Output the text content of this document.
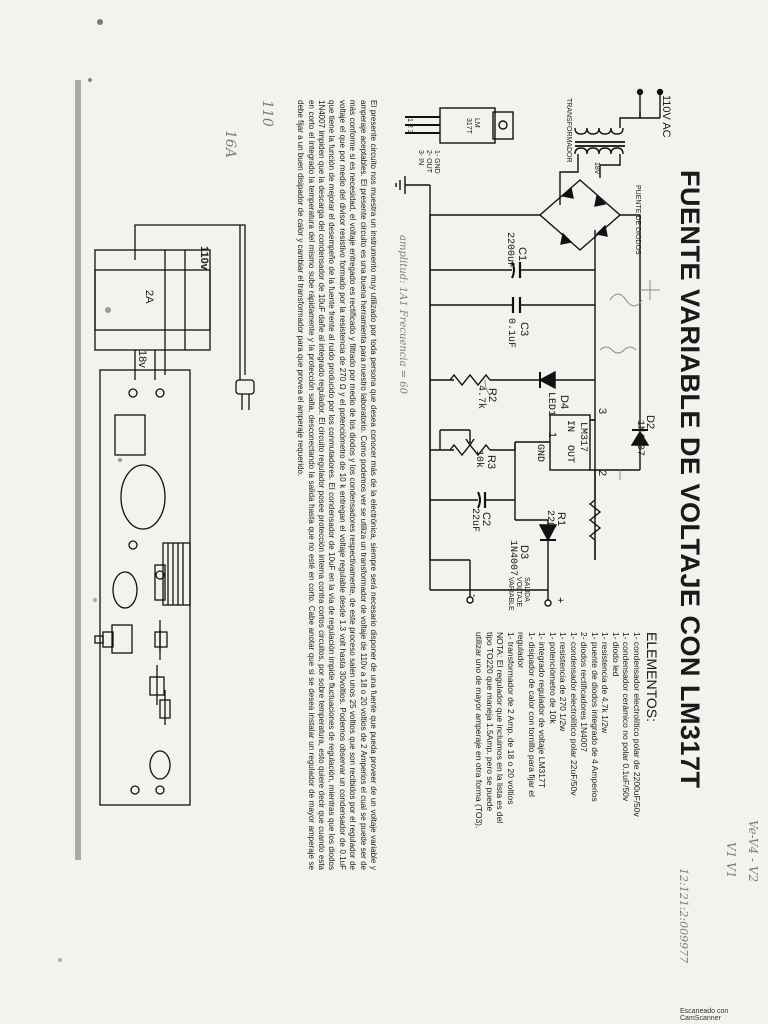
FUENTE VARIABLE DE VOLTAJE CON LM317T
110V AC
TRANSFORMADOR
18V
PUENTE DE DIODOS
C1
2200uF
C3
0.1uF
D4
LED1
R2
4.7k
D2
1N4007
LM317
IN
OUT
GND
3
1
2
R3
10k
R1
220
C2
22uF
D3
1N4007
SALIDA VOLTAJE VARIABLE	+
-
LM 317T
1 2 3
1- GND 2- OUT 3- IN
ELEMENTOS:
1- condensador electrolítico polar de 2200uF/50v
1- condensador cerámico no polar 0.1uF/50v
1- diodo led
1- resistencia de 4.7k 1/2w
1- puente de diodos integrado de 4 Amperios
2- diodos rectificadores 1N4007
1- condensador electrolítico polar 22uF/50v
1- resistencia de 270 1/2w
1- potenciómetro de 10k
1- integrado regulador de voltaje LM317T
1- disipador de calor con tornillo para fijar el regulador
1- transformador de 2 Amp. de 18 o 20 voltios
NOTA: El regulador que incluimos en la lista es del tipo TO220 que maneja 1.5Amp. pero se puede utilizar uno de mayor amperaje en otra forma (TO3).
El presente circuito nos muestra un instrumento muy utilizado por toda persona que desea conocer más de la electrónica, siempre será necesario disponer de una fuente que pueda proveer de un voltaje variable y amperaje aceptables. El presente circuito es una buena herramienta para nuestro laboratorio. Como podemos ver se utiliza un transformador de voltaje de 110v a 18 o 20 voltios de 2 Amperios el cual se puede ser de más conforme si es necesidad, el voltaje entregado es rectificado y filtrado por medio de los diodos y los condensadores respectivamente, de este proceso salen unos 25 voltios que son recibidos por el regulador de voltaje el que por medio del divisor resistivo formado por la resistencia de 270 Ω y el potenciómetro de 10 k entregan el voltaje regulable desde 1.3 volt hasta 30voltios. Podemos observar un condensador de 0.1uF que tiene la función de mejorar el desempeño de la fuente frente al ruido producido por los conmutadores. El condensador de 10uF en la vía de regulación impide fluctuaciones de regulación, mientras que los diodos 1N4007 impiden que la descarga del condensador de 10uF dañe al integrado regulador. El circuito regulador posee protección interna contra cortos circuitos, por sobre temperatura, esto quiere decir que cuando esta en corto el integrado la temperatura del mismo sube rápidamente y la protección salta, desconectando la salida hasta que no esté en corto. Cabe anotar que si se desea instalar un regulador de mayor amperaje se debe fijar a un buen disipador de calor y cambiar el transformador para que provea el amperaje requerido.
110v
2A
18v
Ve-V4 - V2
V1 V1
12:121:2:009977
110
16A
amplitud: 1A1 Frecuencia = 60
Escaneado con CamScanner
